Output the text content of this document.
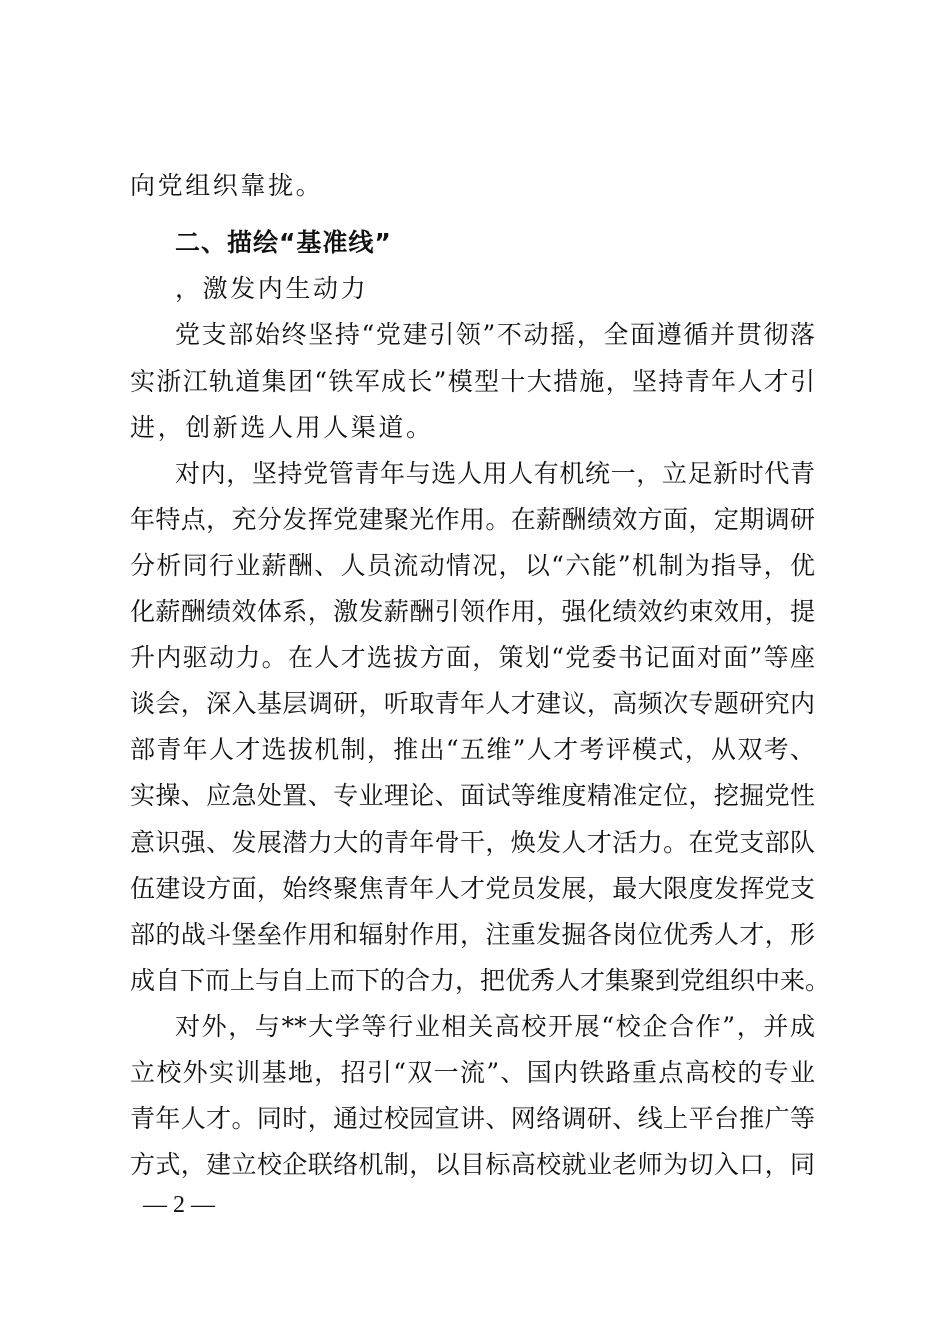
向党组织靠拢。
二、描绘“基准线”
，激发内生动力
党支部始终坚持“党建引领”不动摇，全面遵循并贯彻落
实浙江轨道集团“铁军成长”模型十大措施，坚持青年人才引
进，创新选人用人渠道。
对内，坚持党管青年与选人用人有机统一，立足新时代青
年特点，充分发挥党建聚光作用。在薪酬绩效方面，定期调研
分析同行业薪酬、人员流动情况，以“六能”机制为指导，优
化薪酬绩效体系，激发薪酬引领作用，强化绩效约束效用，提
升内驱动力。在人才选拔方面，策划“党委书记面对面”等座
谈会，深入基层调研，听取青年人才建议，高频次专题研究内
部青年人才选拔机制，推出“五维”人才考评模式，从双考、
实操、应急处置、专业理论、面试等维度精准定位，挖掘党性
意识强、发展潜力大的青年骨干，焕发人才活力。在党支部队
伍建设方面，始终聚焦青年人才党员发展，最大限度发挥党支
部的战斗堡垒作用和辐射作用，注重发掘各岗位优秀人才，形
成自下而上与自上而下的合力，把优秀人才集聚到党组织中来。
对外，与**大学等行业相关高校开展“校企合作”，并成
立校外实训基地，招引“双一流”、国内铁路重点高校的专业
青年人才。同时，通过校园宣讲、网络调研、线上平台推广等
方式，建立校企联络机制，以目标高校就业老师为切入口，同
— 2 —
